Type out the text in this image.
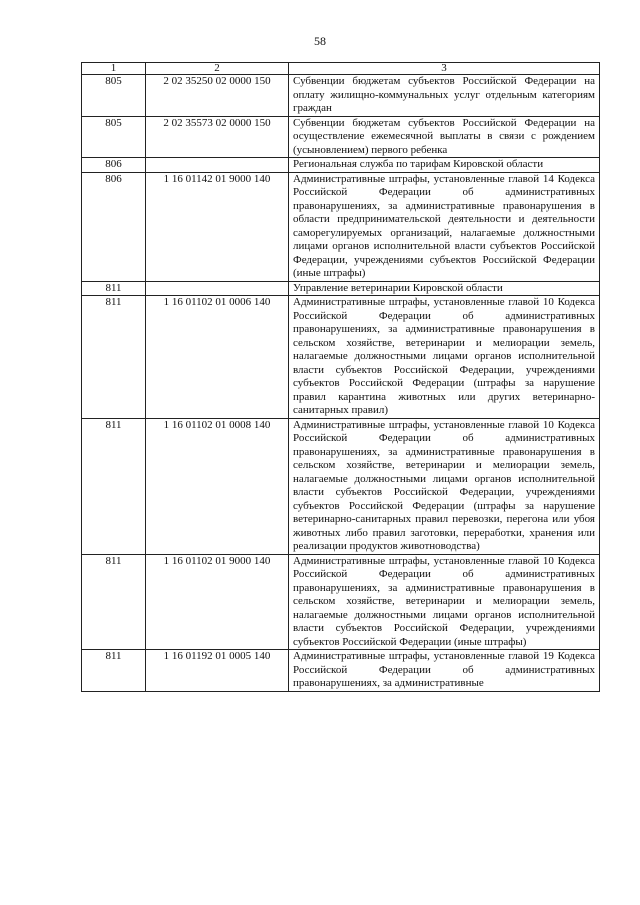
58
1	2	3
805	2 02 35250 02 0000 150	Субвенции бюджетам субъектов Российской Федерации на оплату жилищно-коммунальных услуг отдельным категориям граждан
805	2 02 35573 02 0000 150	Субвенции бюджетам субъектов Российской Федерации на осуществление ежемесячной выплаты в связи с рождением (усыновлением) первого ребенка
806		Региональная служба по тарифам Кировской области
806	1 16 01142 01 9000 140	Административные штрафы, установленные главой 14 Кодекса Российской Федерации об административных правонарушениях, за административные правонарушения в области предпринимательской деятельности и деятельности саморегулируемых организаций, налагаемые должностными лицами органов исполнительной власти субъектов Российской Федерации, учреждениями субъектов Российской Федерации (иные штрафы)
811		Управление ветеринарии Кировской области
811	1 16 01102 01 0006 140	Административные штрафы, установленные главой 10 Кодекса Российской Федерации об административных правонарушениях, за административные правонарушения в сельском хозяйстве, ветеринарии и мелиорации земель, налагаемые должностными лицами органов исполнительной власти субъектов Российской Федерации, учреждениями субъектов Российской Федерации (штрафы за нарушение правил карантина животных или других ветеринарно-санитарных правил)
811	1 16 01102 01 0008 140	Административные штрафы, установленные главой 10 Кодекса Российской Федерации об административных правонарушениях, за административные правонарушения в сельском хозяйстве, ветеринарии и мелиорации земель, налагаемые должностными лицами органов исполнительной власти субъектов Российской Федерации, учреждениями субъектов Российской Федерации (штрафы за нарушение ветеринарно-санитарных правил перевозки, перегона или убоя животных либо правил заготовки, переработки, хранения или реализации продуктов животноводства)
811	1 16 01102 01 9000 140	Административные штрафы, установленные главой 10 Кодекса Российской Федерации об административных правонарушениях, за административные правонарушения в сельском хозяйстве, ветеринарии и мелиорации земель, налагаемые должностными лицами органов исполнительной власти субъектов Российской Федерации, учреждениями субъектов Российской Федерации (иные штрафы)
811	1 16 01192 01 0005 140	Административные штрафы, установленные главой 19 Кодекса Российской Федерации об административных правонарушениях, за административные
